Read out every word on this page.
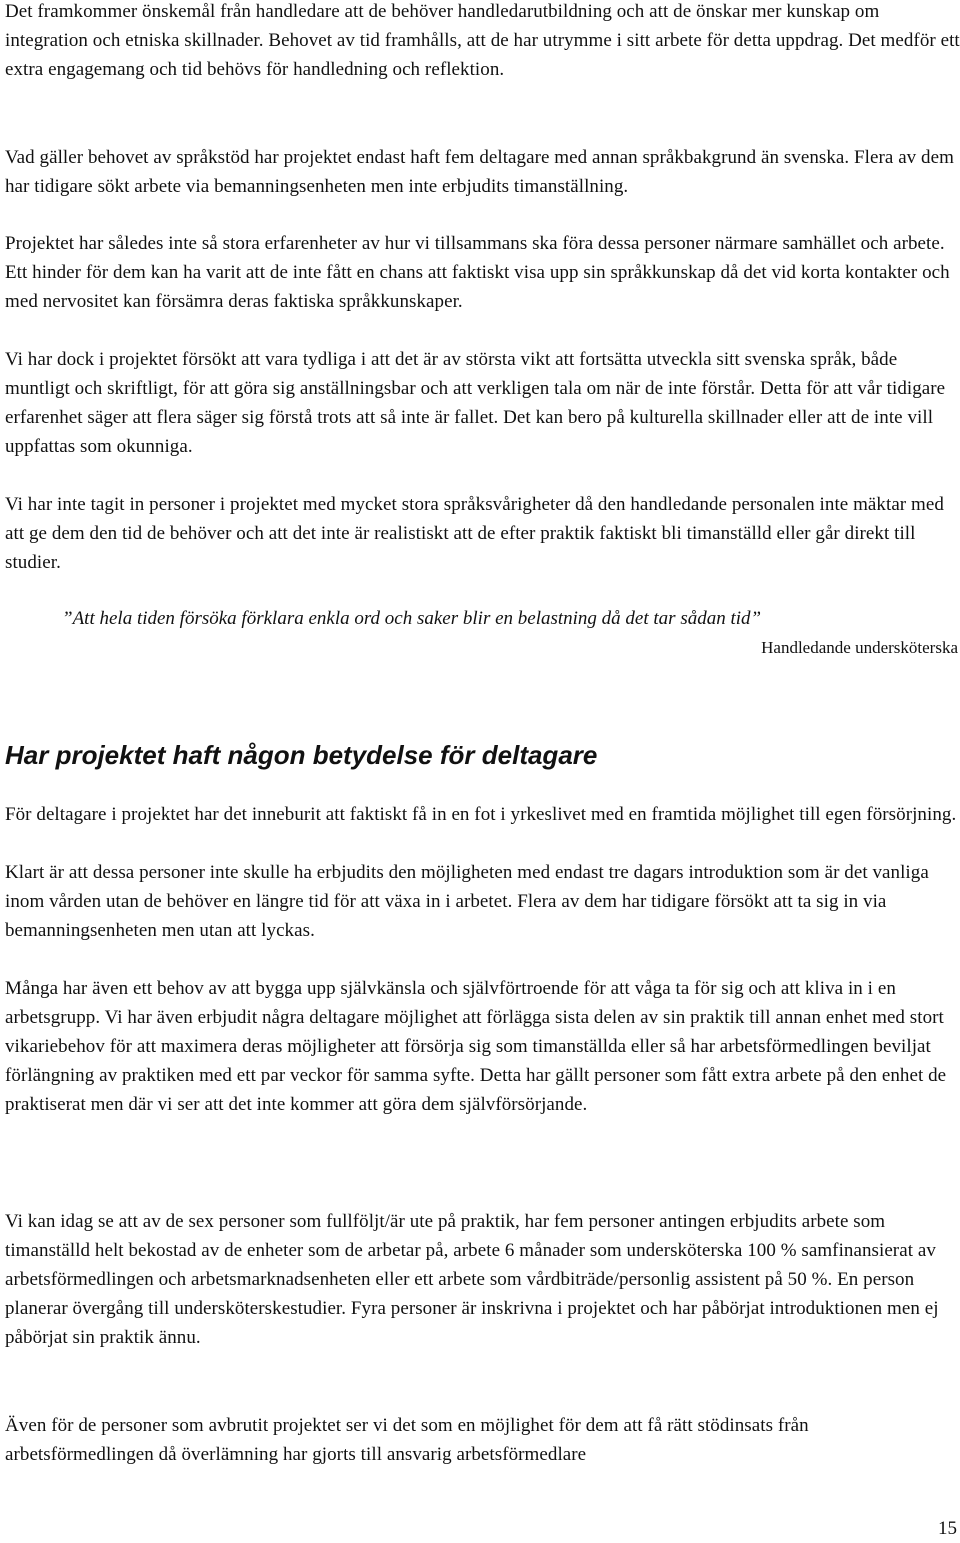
Det framkommer önskemål från handledare att de behöver handledarutbildning och att de önskar mer kunskap om integration och etniska skillnader. Behovet av tid framhålls, att de har utrymme i sitt arbete för detta uppdrag. Det medför ett extra engagemang och tid behövs för handledning och reflektion.

Vad gäller behovet av språkstöd har projektet endast haft fem deltagare med annan språkbakgrund än svenska. Flera av dem har tidigare sökt arbete via bemanningsenheten men inte erbjudits timanställning.

Projektet har således inte så stora erfarenheter av hur vi tillsammans ska föra dessa personer närmare samhället och arbete. Ett hinder för dem kan ha varit att de inte fått en chans att faktiskt visa upp sin språkkunskap då det vid korta kontakter och med nervositet kan försämra deras faktiska språkkunskaper.

Vi har dock i projektet försökt att vara tydliga i att det är av största vikt att fortsätta utveckla sitt svenska språk, både muntligt och skriftligt, för att göra sig anställningsbar och att verkligen tala om när de inte förstår. Detta för att vår tidigare erfarenhet säger att flera säger sig förstå trots att så inte är fallet. Det kan bero på kulturella skillnader eller att de inte vill uppfattas som okunniga.

Vi har inte tagit in personer i projektet med mycket stora språksvårigheter då den handledande personalen inte mäktar med att ge dem den tid de behöver och att det inte är realistiskt att de efter praktik faktiskt bli timanställd eller går direkt till studier.

”Att hela tiden försöka förklara enkla ord och saker blir en belastning då det tar sådan tid”

Handledande undersköterska

Har projektet haft någon betydelse för deltagare

För deltagare i projektet har det inneburit att faktiskt få in en fot i yrkeslivet med en framtida möjlighet till egen försörjning.

Klart är att dessa personer inte skulle ha erbjudits den möjligheten med endast tre dagars introduktion som är det vanliga inom vården utan de behöver en längre tid för att växa in i arbetet. Flera av dem har tidigare försökt att ta sig in via bemanningsenheten men utan att lyckas.

Många har även ett behov av att bygga upp självkänsla och självförtroende för att våga ta för sig och att kliva in i en arbetsgrupp. Vi har även erbjudit några deltagare möjlighet att förlägga sista delen av sin praktik till annan enhet med stort vikariebehov för att maximera deras möjligheter att försörja sig som timanställda eller så har arbetsförmedlingen beviljat förlängning av praktiken med ett par veckor för samma syfte. Detta har gällt personer som fått extra arbete på den enhet de praktiserat men där vi ser att det inte kommer att göra dem självförsörjande.

Vi kan idag se att av de sex personer som fullföljt/är ute på praktik, har fem personer antingen erbjudits arbete som timanställd helt bekostad av de enheter som de arbetar på, arbete 6 månader som undersköterska 100 % samfinansierat av arbetsförmedlingen och arbetsmarknadsenheten eller ett arbete som vårdbiträde/personlig assistent på 50 %. En person planerar övergång till undersköterskestudier. Fyra personer är inskrivna i projektet och har påbörjat introduktionen men ej påbörjat sin praktik ännu.

Även för de personer som avbrutit projektet ser vi det som en möjlighet för dem att få rätt stödinsats från arbetsförmedlingen då överlämning har gjorts till ansvarig arbetsförmedlare

15
